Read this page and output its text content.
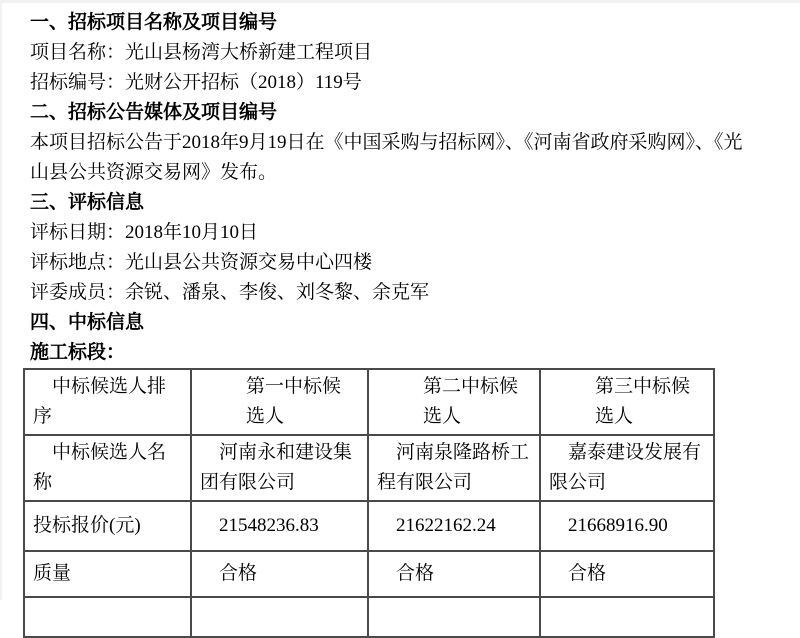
一、招标项目名称及项目编号

项目名称：光山县杨湾大桥新建工程项目

招标编号：光财公开招标（2018）119号

二、招标公告媒体及项目编号

本项目招标公告于2018年9月19日在《中国采购与招标网》、《河南省政府采购网》、《光山县公共资源交易网》发布。

三、评标信息

评标日期：2018年10月10日

评标地点：光山县公共资源交易中心四楼

评委成员：余锐、潘泉、李俊、刘冬黎、余克军

四、中标信息

施工标段：

中标候选人排序	第一中标候选人	第二中标候选人	第三中标候选人

中标候选人名称	河南永和建设集团有限公司	河南泉隆路桥工程有限公司	嘉泰建设发展有限公司

投标报价(元)	21548236.83	21622162.24	21668916.90

质量	合格	合格	合格
